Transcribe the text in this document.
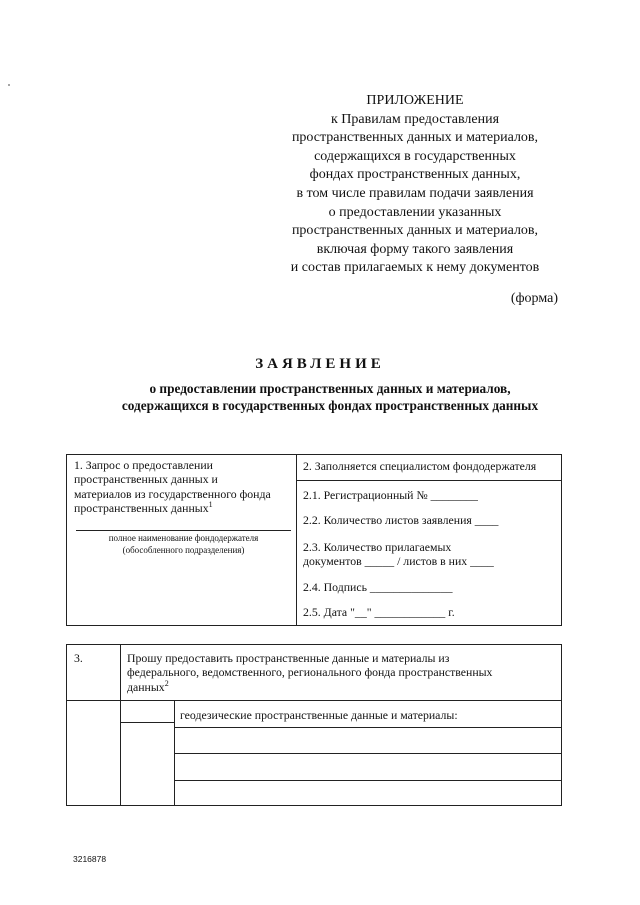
ПРИЛОЖЕНИЕ
к Правилам предоставления
пространственных данных и материалов,
содержащихся в государственных
фондах пространственных данных,
в том числе правилам подачи заявления
о предоставлении указанных
пространственных данных и материалов,
включая форму такого заявления
и состав прилагаемых к нему документов
(форма)
ЗАЯВЛЕНИЕ
о предоставлении пространственных данных и материалов,
содержащихся в государственных фондах пространственных данных
1. Запрос о предоставлении
пространственных данных и
материалов из государственного фонда
пространственных данных$^1$
полное наименование фондодержателя
(обособленного подразделения)
2. Заполняется специалистом фондодержателя
2.1. Регистрационный № ________
2.2. Количество листов заявления ____
2.3. Количество прилагаемых
документов _____ / листов в них ____
2.4. Подпись ______________
2.5. Дата "__" ____________ г.
3.	Прошу предоставить пространственные данные и материалы из
федерального, ведомственного, регионального фонда пространственных
данных$^2$
геодезические пространственные данные и материалы:
3216878
